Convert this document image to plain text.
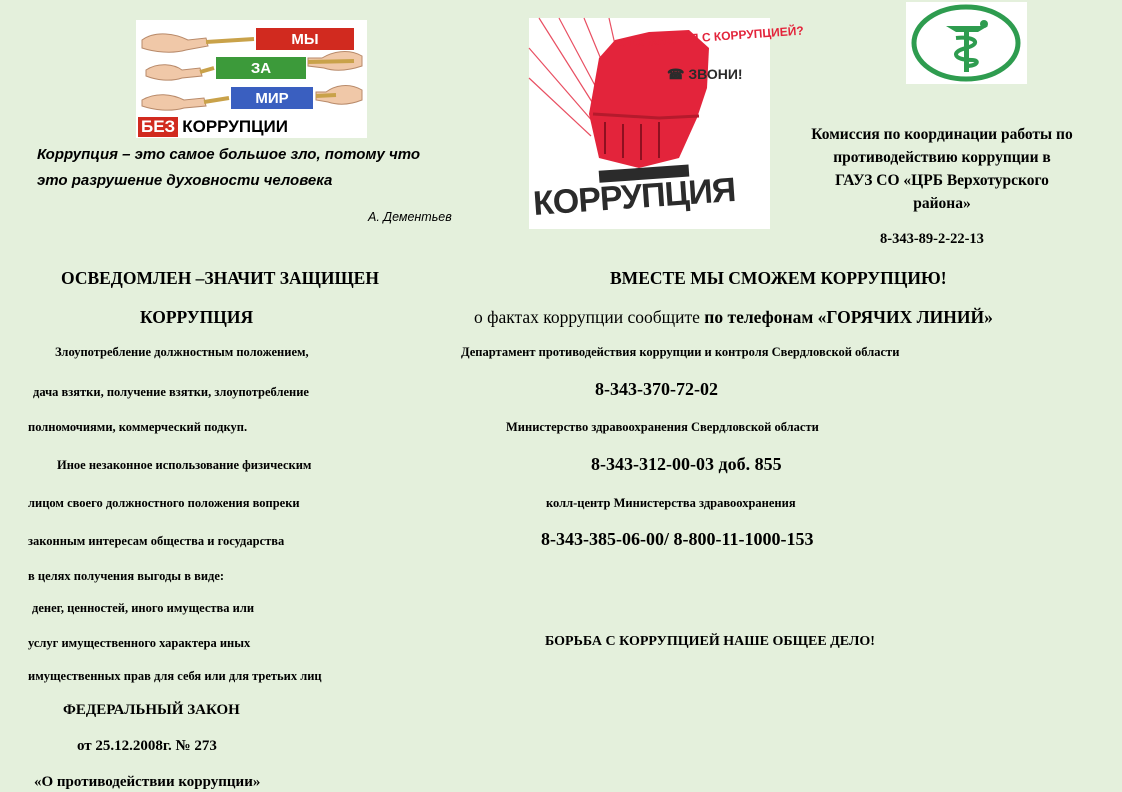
МЫ
ЗА
МИР
БЕЗ КОРРУПЦИИ
СТОЛКНУЛСЯ С КОРРУПЦИЕЙ?
☎ ЗВОНИ!
КОРРУПЦИЯ

Коррупция – это самое большое зло, потому что

это разрушение духовности человека

А. Дементьев

Комиссия по координации работы по

противодействию коррупции в

ГАУЗ СО «ЦРБ Верхотурского

района»

8-343-89-2-22-13

ОСВЕДОМЛЕН –ЗНАЧИТ ЗАЩИЩЕН

КОРРУПЦИЯ

Злоупотребление должностным положением,

дача взятки, получение взятки, злоупотребление

полномочиями, коммерческий подкуп.

Иное незаконное использование физическим

лицом своего должностного положения вопреки

законным интересам общества и государства

в целях получения выгоды в виде:

денег, ценностей, иного имущества или

услуг имущественного характера иных

имущественных прав для себя или для третьих лиц

ФЕДЕРАЛЬНЫЙ ЗАКОН

от 25.12.2008г. № 273

«О противодействии коррупции»

ВМЕСТЕ МЫ СМОЖЕМ КОРРУПЦИЮ!

о фактах коррупции сообщите по телефонам «ГОРЯЧИХ ЛИНИЙ»

Департамент противодействия коррупции и контроля Свердловской области

8-343-370-72-02

Министерство здравоохранения Свердловской области

8-343-312-00-03 доб. 855

колл-центр Министерства здравоохранения

8-343-385-06-00/ 8-800-11-1000-153

БОРЬБА С КОРРУПЦИЕЙ НАШЕ ОБЩЕЕ ДЕЛО!
